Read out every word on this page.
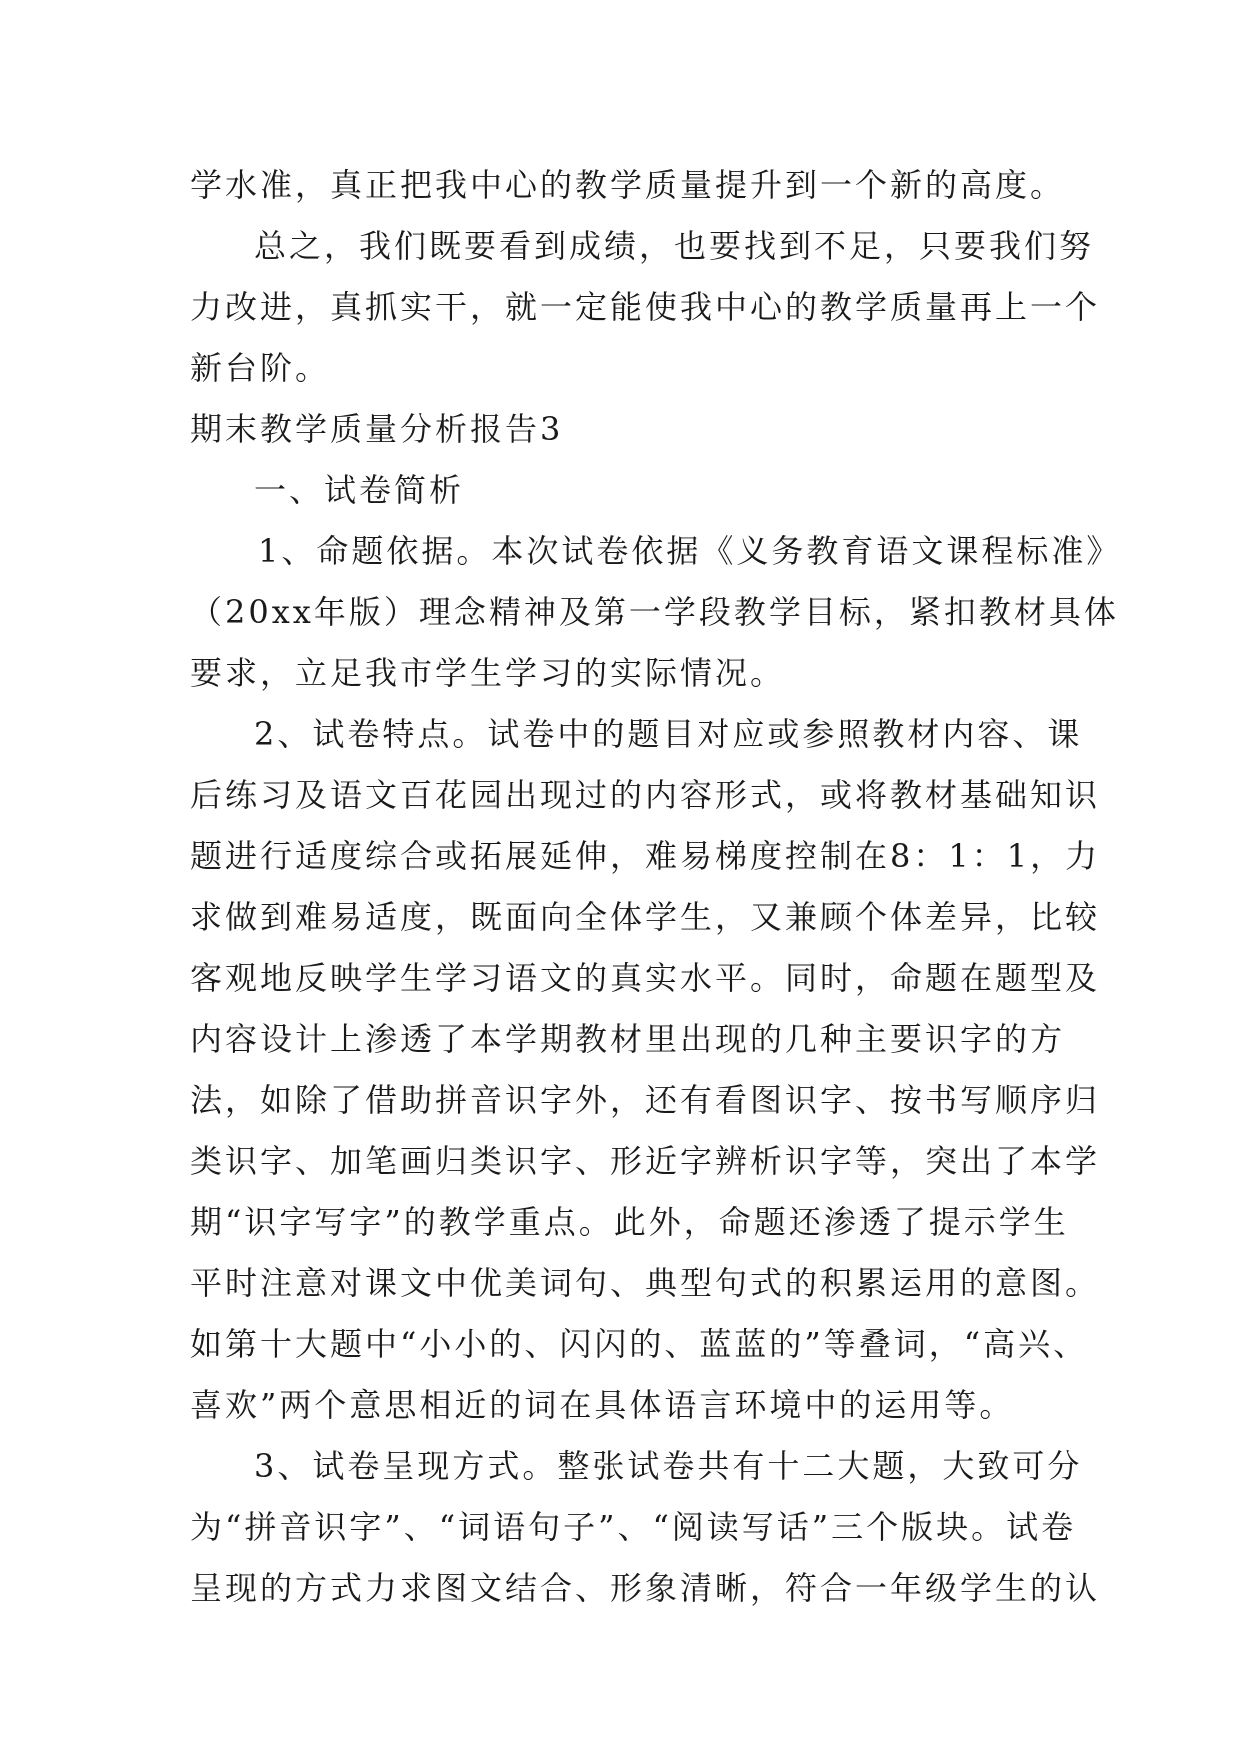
学水准，真正把我中心的教学质量提升到一个新的高度。
总之，我们既要看到成绩，也要找到不足，只要我们努
力改进，真抓实干，就一定能使我中心的教学质量再上一个
新台阶。
期末教学质量分析报告3
一、试卷简析
1、命题依据。本次试卷依据《义务教育语文课程标准》
（20xx年版）理念精神及第一学段教学目标，紧扣教材具体
要求，立足我市学生学习的实际情况。
2、试卷特点。试卷中的题目对应或参照教材内容、课
后练习及语文百花园出现过的内容形式，或将教材基础知识
题进行适度综合或拓展延伸，难易梯度控制在8：1：1，力
求做到难易适度，既面向全体学生，又兼顾个体差异，比较
客观地反映学生学习语文的真实水平。同时，命题在题型及
内容设计上渗透了本学期教材里出现的几种主要识字的方
法，如除了借助拼音识字外，还有看图识字、按书写顺序归
类识字、加笔画归类识字、形近字辨析识字等，突出了本学
期“识字写字”的教学重点。此外，命题还渗透了提示学生
平时注意对课文中优美词句、典型句式的积累运用的意图。
如第十大题中“小小的、闪闪的、蓝蓝的”等叠词，“高兴、
喜欢”两个意思相近的词在具体语言环境中的运用等。
3、试卷呈现方式。整张试卷共有十二大题，大致可分
为“拼音识字”、“词语句子”、“阅读写话”三个版块。试卷
呈现的方式力求图文结合、形象清晰，符合一年级学生的认
